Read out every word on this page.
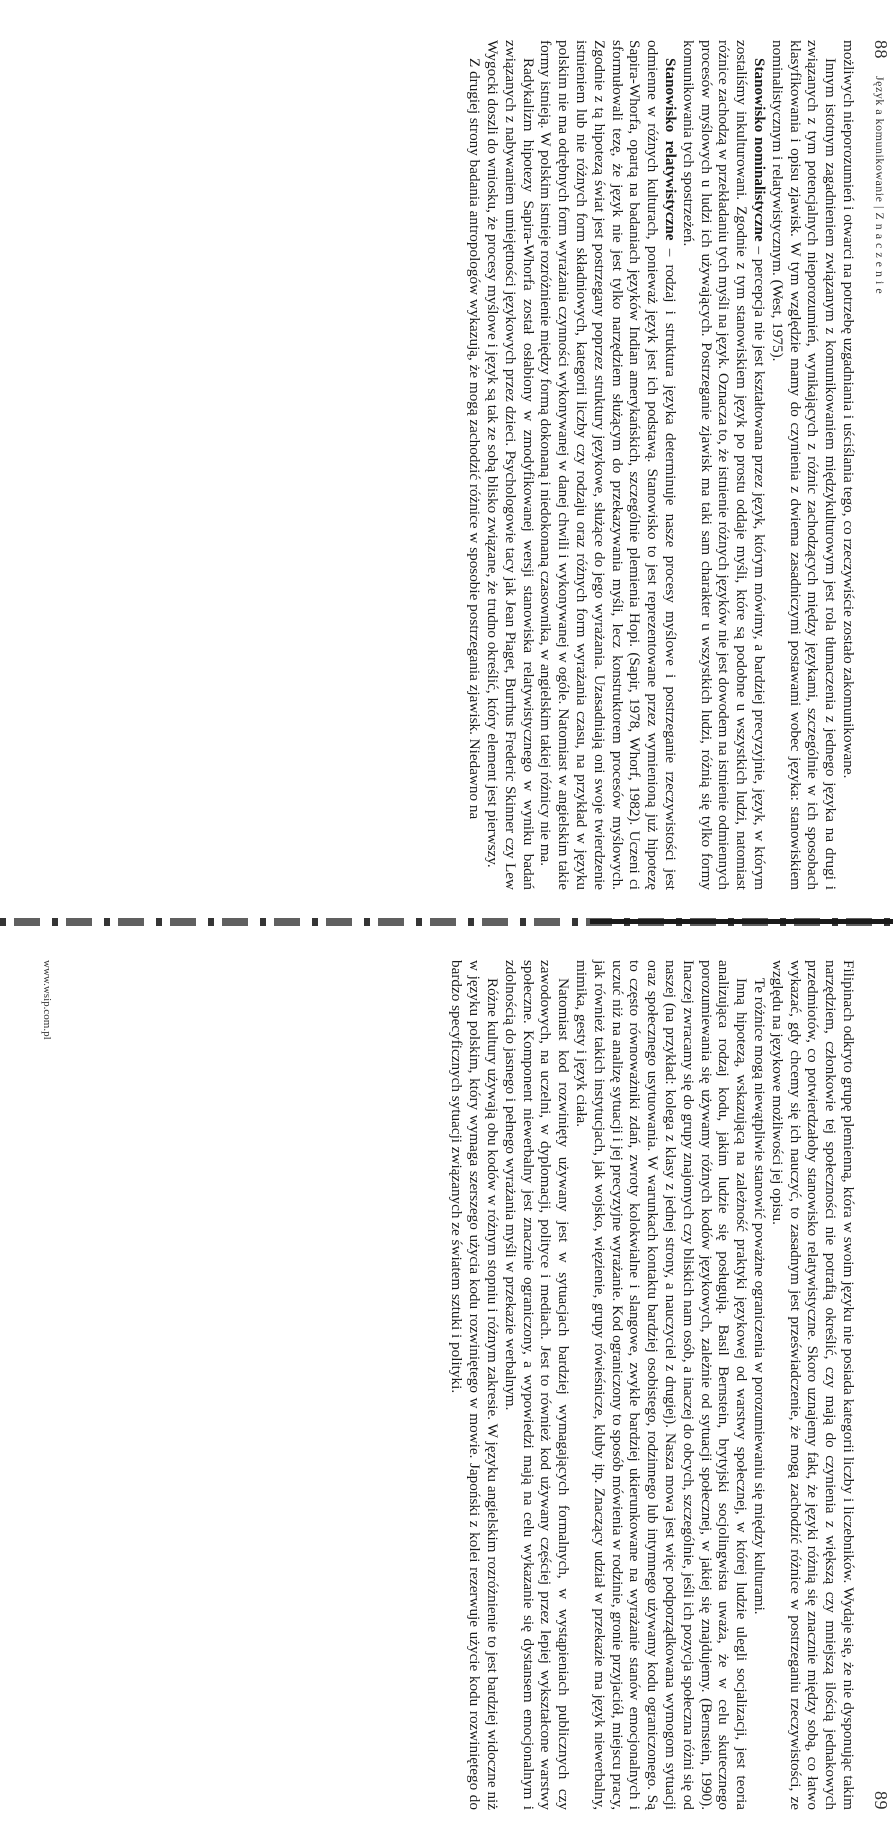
88
Język a komunikowanie | Z n a c z e n i e

możliwych nieporozumień i otwarci na potrzebę uzgadniania i uściślania tego, co rzeczywiście zostało zakomunikowane.

Innym istotnym zagadnieniem związanym z komunikowaniem międzykulturowym jest rola tłumaczenia z jednego języka na drugi i związanych z tym potencjalnych nieporozumień, wynikających z różnic zachodzących między językami, szczególnie w ich sposobach klasyfikowania i opisu zjawisk. W tym względzie mamy do czynienia z dwiema zasadniczymi postawami wobec języka: stanowiskiem nominalistycznym i relatywistycznym. (West, 1975).

Stanowisko nominalistyczne – percepcja nie jest kształtowana przez język, którym mówimy, a bardziej precyzyjnie, język, w którym zostaliśmy inkulturowani. Zgodnie z tym stanowiskiem język po prostu oddaje myśli, które są podobne u wszystkich ludzi, natomiast różnice zachodzą w przekładaniu tych myśli na język. Oznacza to, że istnienie różnych języków nie jest dowodem na istnienie odmiennych procesów myślowych u ludzi ich używających. Postrzeganie zjawisk ma taki sam charakter u wszystkich ludzi, różnią się tylko formy komunikowania tych spostrzeżeń.

Stanowisko relatywistyczne – rodzaj i struktura języka determinuje nasze procesy myślowe i postrzeganie rzeczywistości jest odmienne w różnych kulturach, ponieważ język jest ich podstawą. Stanowisko to jest reprezentowane przez wymienioną już hipotezę Sapira-Whorfa, opartą na badaniach języków Indian amerykańskich, szczególnie plemienia Hopi. (Sapir, 1978, Whorf, 1982). Uczeni ci sformułowali tezę, że język nie jest tylko narzędziem służącym do przekazywania myśli, lecz konstruktorem procesów myślowych. Zgodnie z tą hipotezą świat jest postrzegany poprzez struktury językowe, służące do jego wyrażania. Uzasadniają oni swoje twierdzenie istnieniem lub nie różnych form składniowych, kategorii liczby czy rodzaju oraz różnych form wyrażania czasu, na przykład w języku polskim nie ma odrębnych form wyrażania czynności wykonywanej w danej chwili i wykonywanej w ogóle. Natomiast w angielskim takie formy istnieją. W polskim istnieje rozróżnienie między formą dokonaną i niedokonaną czasownika, w angielskim takiej różnicy nie ma.

Radykalizm hipotezy Sapira-Whorfa został osłabiony w zmodyfikowanej wersji stanowiska relatywistycznego w wyniku badań związanych z nabywaniem umiejętności językowych przez dzieci. Psychologowie tacy jak Jean Piaget, Burrhus Frederic Skinner czy Lew Wygocki doszli do wniosku, że procesy myślowe i język są tak ze sobą blisko związane, że trudno określić, który element jest pierwszy.

Z drugiej strony badania antropologów wykazują, że mogą zachodzić różnice w sposobie postrzegania zjawisk. Niedawno na

89

Filipinach odkryto grupę plemienną, która w swoim języku nie posiada kategorii liczby i liczebników. Wydaje się, że nie dysponując takim narzędziem, członkowie tej społeczności nie potrafią określić, czy mają do czynienia z większą czy mniejszą ilością jednakowych przedmiotów, co potwierdzałoby stanowisko relatywistyczne. Skoro uznajemy fakt, że języki różnią się znacznie między sobą, co łatwo wykazać, gdy chcemy się ich nauczyć, to zasadnym jest przeświadczenie, że mogą zachodzić różnice w postrzeganiu rzeczywistości, ze względu na językowe możliwości jej opisu.

Te różnice mogą niewątpliwie stanowić poważne ograniczenia w porozumiewaniu się między kulturami.

Inną hipotezą, wskazującą na zależność praktyki językowej od warstwy społecznej, w której ludzie ulegli socjalizacji, jest teoria analizująca rodzaj kodu, jakim ludzie się posługują. Basil Bernstein, brytyjski socjolingwista uważa, że w celu skutecznego porozumiewania się używamy różnych kodów językowych, zależnie od sytuacji społecznej, w jakiej się znajdujemy. (Bernstein, 1990). Inaczej zwracamy się do grupy znajomych czy bliskich nam osób, a inaczej do obcych, szczególnie, jeśli ich pozycja społeczna różni się od naszej (na przykład: kolega z klasy z jednej strony, a nauczyciel z drugiej). Nasza mowa jest więc podporządkowana wymogom sytuacji oraz społecznego usytuowania. W warunkach kontaktu bardziej osobistego, rodzinnego lub intymnego używamy kodu ograniczonego. Są to często równoważniki zdań, zwroty kolokwialne i slangowe, zwykle bardziej ukierunkowane na wyrażanie stanów emocjonalnych i uczuć niż na analizę sytuacji i jej precyzyjne wyrażanie. Kod ograniczony to sposób mówienia w rodzinie, gronie przyjaciół, miejscu pracy, jak również takich instytucjach, jak wojsko, więzienie, grupy rówieśnicze, kluby itp. Znaczący udział w przekazie ma język niewerbalny, mimika, gesty i język ciała.

Natomiast kod rozwinięty używany jest w sytuacjach bardziej wymagających formalnych, w wystąpieniach publicznych czy zawodowych, na uczelni, w dyplomacji, polityce i mediach. Jest to również kod używany częściej przez lepiej wykształcone warstwy społeczne. Komponent niewerbalny jest znacznie ograniczony, a wypowiedzi mają na celu wykazanie się dystansem emocjonalnym i zdolnością do jasnego i pełnego wyrażania myśli w przekazie werbalnym.

Różne kultury używają obu kodów w różnym stopniu i różnym zakresie. W języku angielskim rozróżnienie to jest bardziej widoczne niż w języku polskim, który wymaga szerszego użycia kodu rozwiniętego w mowie. Japoński z kolei rezerwuje użycie kodu rozwiniętego do bardzo specyficznych sytuacji związanych ze światem sztuki i polityki.

www.wsip.com.pl
